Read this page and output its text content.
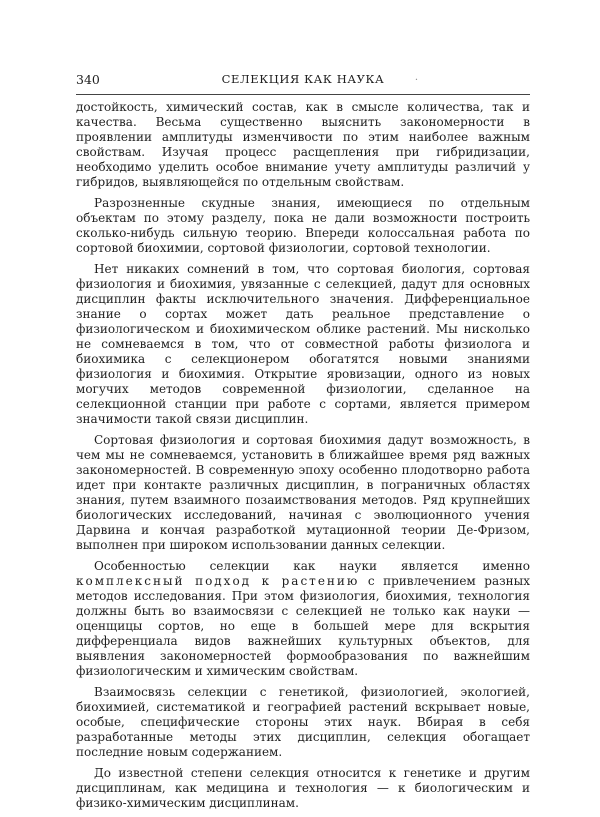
340	СЕЛЕКЦИЯ КАК НАУКА	.

достойкость, химический состав, как в смысле количества, так и качества. Весьма существенно выяснить закономерности в проявлении амплитуды изменчивости по этим наиболее важным свойствам. Изучая процесс расщепления при гибридизации, необходимо уделить особое внимание учету амплитуды различий у гибридов, выявляющейся по отдельным свойствам.

Разрозненные скудные знания, имеющиеся по отдельным объектам по этому разделу, пока не дали возможности построить сколько-нибудь сильную теорию. Впереди колоссальная работа по сортовой биохимии, сортовой физиологии, сортовой технологии.

Нет никаких сомнений в том, что сортовая биология, сортовая физиология и биохимия, увязанные с селекцией, дадут для основных дисциплин факты исключительного значения. Дифференциальное знание о сортах может дать реальное представление о физиологическом и биохимическом облике растений. Мы нисколько не сомневаемся в том, что от совместной работы физиолога и биохимика с селекционером обогатятся новыми знаниями физиология и биохимия. Открытие яровизации, одного из новых могучих методов современной физиологии, сделанное на селекционной станции при работе с сортами, является примером значимости такой связи дисциплин.

Сортовая физиология и сортовая биохимия дадут возможность, в чем мы не сомневаемся, установить в ближайшее время ряд важных закономерностей. В современную эпоху особенно плодотворно работа идет при контакте различных дисциплин, в пограничных областях знания, путем взаимного позаимствования методов. Ряд крупнейших биологических исследований, начиная с эволюционного учения Дарвина и кончая разработкой мутационной теории Де-Фризом, выполнен при широком использовании данных селекции.

Особенностью селекции как науки является именно комплексный подход к растению с привлечением разных методов исследования. При этом физиология, биохимия, технология должны быть во взаимосвязи с селекцией не только как науки — оценщицы сортов, но еще в большей мере для вскрытия дифференциала видов важнейших культурных объектов, для выявления закономерностей формообразования по важнейшим физиологическим и химическим свойствам.

Взаимосвязь селекции с генетикой, физиологией, экологией, биохимией, систематикой и географией растений вскрывает новые, особые, специфические стороны этих наук. Вбирая в себя разработанные методы этих дисциплин, селекция обогащает последние новым содержанием.

До известной степени селекция относится к генетике и другим дисциплинам, как медицина и технология — к биологическим и физико-химическим дисциплинам.
